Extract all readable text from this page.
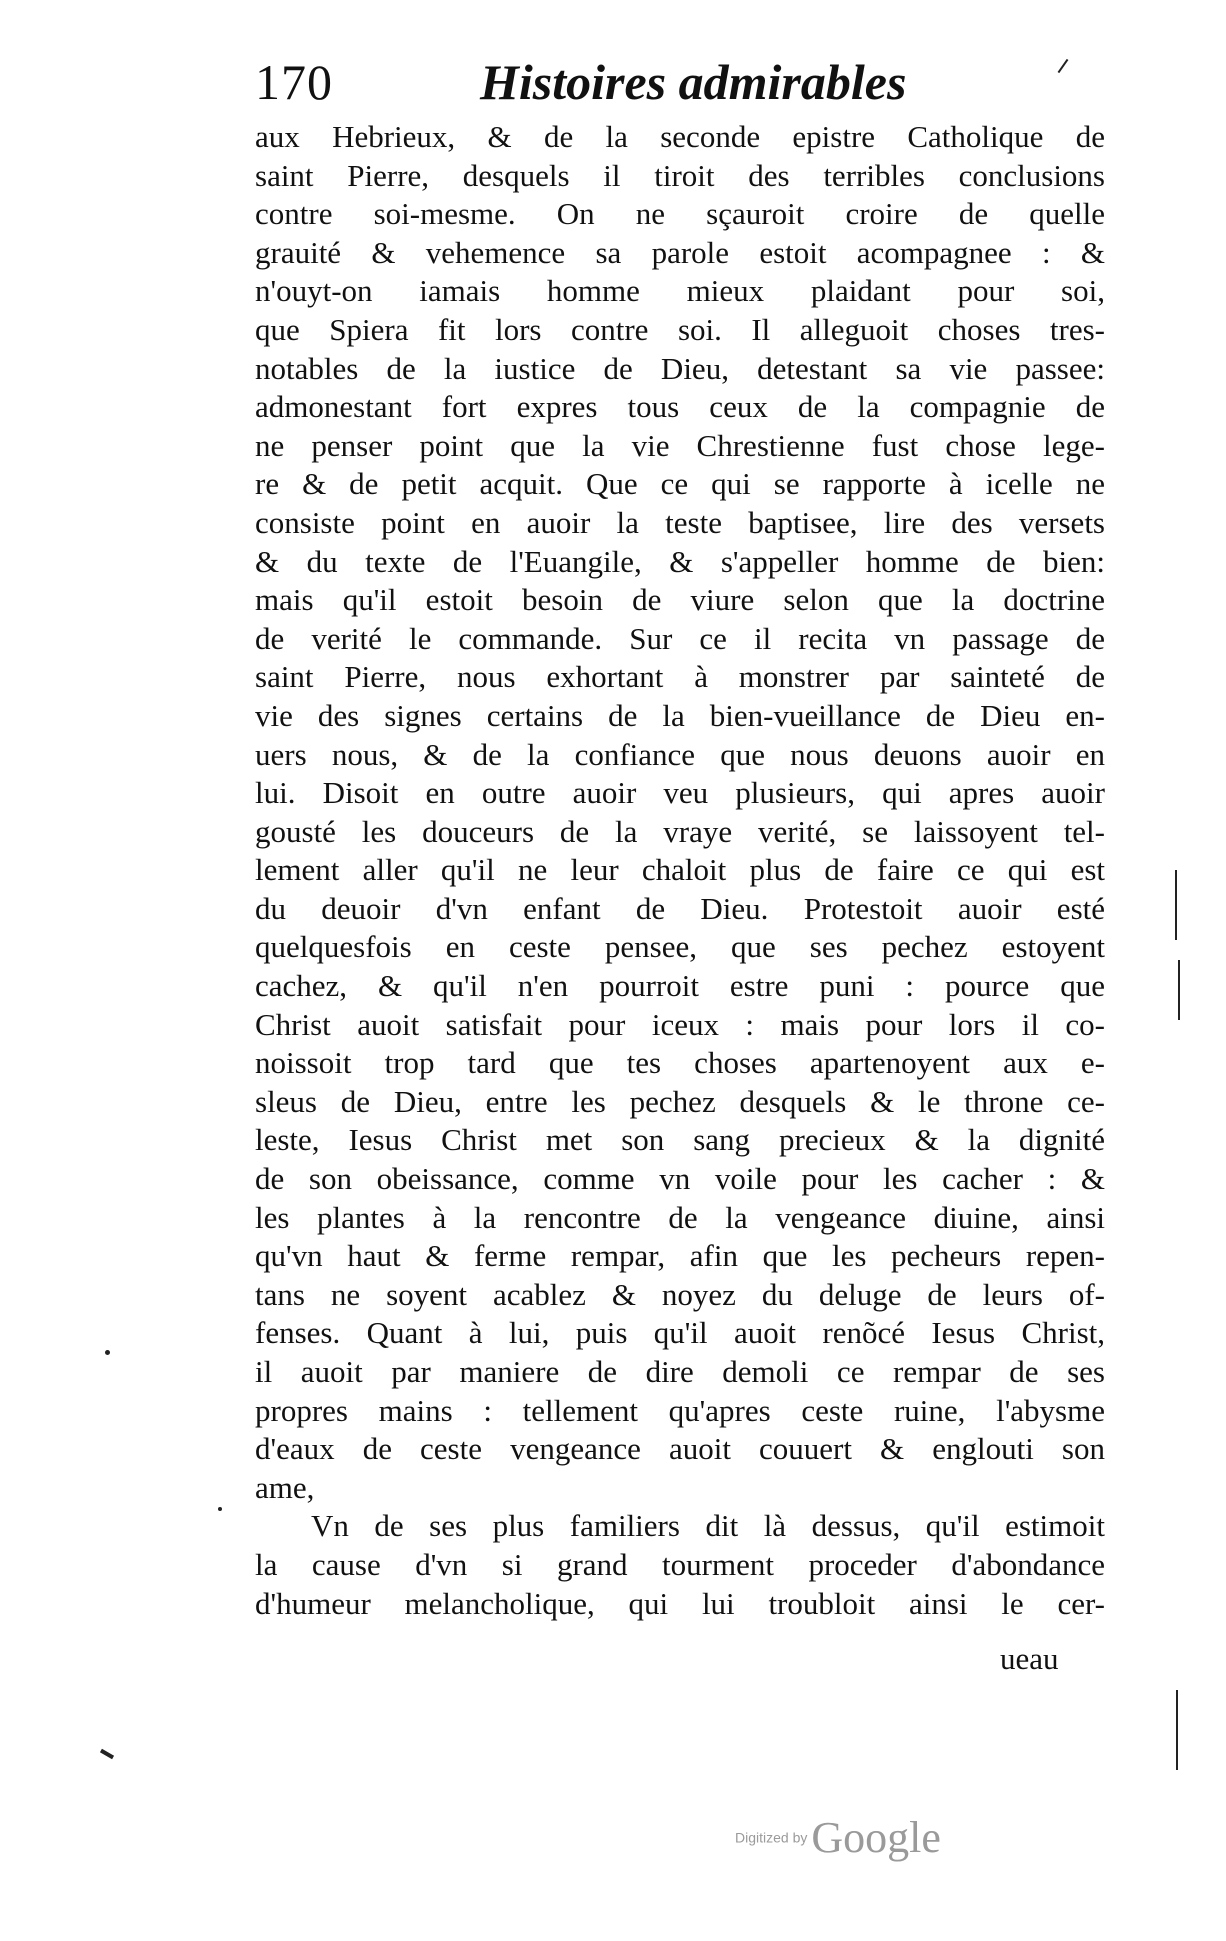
170	Histoires admirables
aux Hebrieux, & de la seconde epistre Catholique de
saint Pierre, desquels il tiroit des terribles conclusions
contre soi-mesme. On ne sçauroit croire de quelle
grauité & vehemence sa parole estoit acompagnee : &
n'ouyt-on iamais homme mieux plaidant pour soi,
que Spiera fit lors contre soi. Il alleguoit choses tres-
notables de la iustice de Dieu, detestant sa vie passee:
admonestant fort expres tous ceux de la compagnie de
ne penser point que la vie Chrestienne fust chose lege-
re & de petit acquit. Que ce qui se rapporte à icelle ne
consiste point en auoir la teste baptisee, lire des versets
& du texte de l'Euangile, & s'appeller homme de bien:
mais qu'il estoit besoin de viure selon que la doctrine
de verité le commande. Sur ce il recita vn passage de
saint Pierre, nous exhortant à monstrer par sainteté de
vie des signes certains de la bien-vueillance de Dieu en-
uers nous, & de la confiance que nous deuons auoir en
lui. Disoit en outre auoir veu plusieurs, qui apres auoir
gousté les douceurs de la vraye verité, se laissoyent tel-
lement aller qu'il ne leur chaloit plus de faire ce qui est
du deuoir d'vn enfant de Dieu. Protestoit auoir esté
quelquesfois en ceste pensee, que ses pechez estoyent
cachez, & qu'il n'en pourroit estre puni : pource que
Christ auoit satisfait pour iceux : mais pour lors il co-
noissoit trop tard que tes choses apartenoyent aux e-
sleus de Dieu, entre les pechez desquels & le throne ce-
leste, Iesus Christ met son sang precieux & la dignité
de son obeissance, comme vn voile pour les cacher : &
les plantes à la rencontre de la vengeance diuine, ainsi
qu'vn haut & ferme rempar, afin que les pecheurs repen-
tans ne soyent acablez & noyez du deluge de leurs of-
fenses. Quant à lui, puis qu'il auoit renõcé Iesus Christ,
il auoit par maniere de dire demoli ce rempar de ses
propres mains : tellement qu'apres ceste ruine, l'abysme
d'eaux de ceste vengeance auoit couuert & englouti son
ame,
Vn de ses plus familiers dit là dessus, qu'il estimoit
la cause d'vn si grand tourment proceder d'abondance
d'humeur melancholique, qui lui troubloit ainsi le cer-
ueau
Digitized byGoogle
